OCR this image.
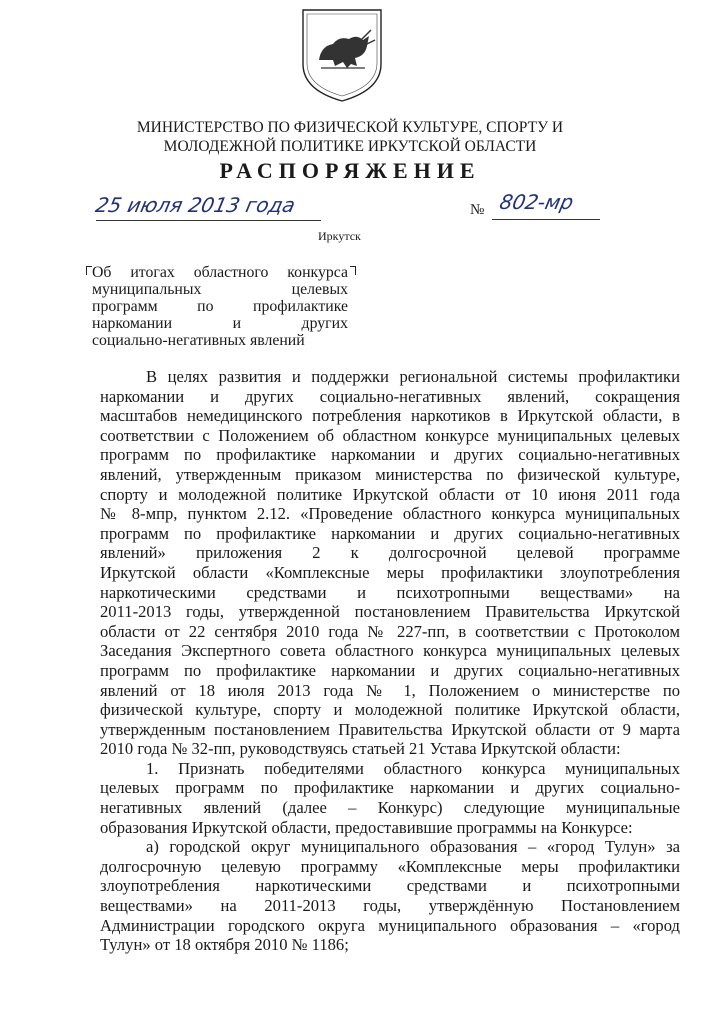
МИНИСТЕРСТВО ПО ФИЗИЧЕСКОЙ КУЛЬТУРЕ, СПОРТУ И
МОЛОДЕЖНОЙ ПОЛИТИКЕ ИРКУТСКОЙ ОБЛАСТИ
РАСПОРЯЖЕНИЕ
25 июля 2013 года	№ 802-мр
Иркутск
Об итогах областного конкурса
муниципальных целевых
программ по профилактике
наркомании и других
социально-негативных явлений
В целях развития и поддержки региональной системы профилактики
наркомании и других социально-негативных явлений, сокращения
масштабов немедицинского потребления наркотиков в Иркутской области, в
соответствии с Положением об областном конкурсе муниципальных целевых
программ по профилактике наркомании и других социально-негативных
явлений, утвержденным приказом министерства по физической культуре,
спорту и молодежной политике Иркутской области от 10 июня 2011 года
№ 8-мпр, пунктом 2.12. «Проведение областного конкурса муниципальных
программ по профилактике наркомании и других социально-негативных
явлений» приложения 2 к долгосрочной целевой программе
Иркутской области «Комплексные меры профилактики злоупотребления
наркотическими средствами и психотропными веществами» на
2011-2013 годы, утвержденной постановлением Правительства Иркутской
области от 22 сентября 2010 года № 227-пп, в соответствии с Протоколом
Заседания Экспертного совета областного конкурса муниципальных целевых
программ по профилактике наркомании и других социально-негативных
явлений от 18 июля 2013 года № 1, Положением о министерстве по
физической культуре, спорту и молодежной политике Иркутской области,
утвержденным постановлением Правительства Иркутской области от 9 марта
2010 года № 32-пп, руководствуясь статьей 21 Устава Иркутской области:
1. Признать победителями областного конкурса муниципальных
целевых программ по профилактике наркомании и других социально-
негативных явлений (далее – Конкурс) следующие муниципальные
образования Иркутской области, предоставившие программы на Конкурсе:
а) городской округ муниципального образования – «город Тулун» за
долгосрочную целевую программу «Комплексные меры профилактики
злоупотребления наркотическими средствами и психотропными
веществами» на 2011-2013 годы, утверждённую Постановлением
Администрации городского округа муниципального образования – «город
Тулун» от 18 октября 2010 № 1186;
